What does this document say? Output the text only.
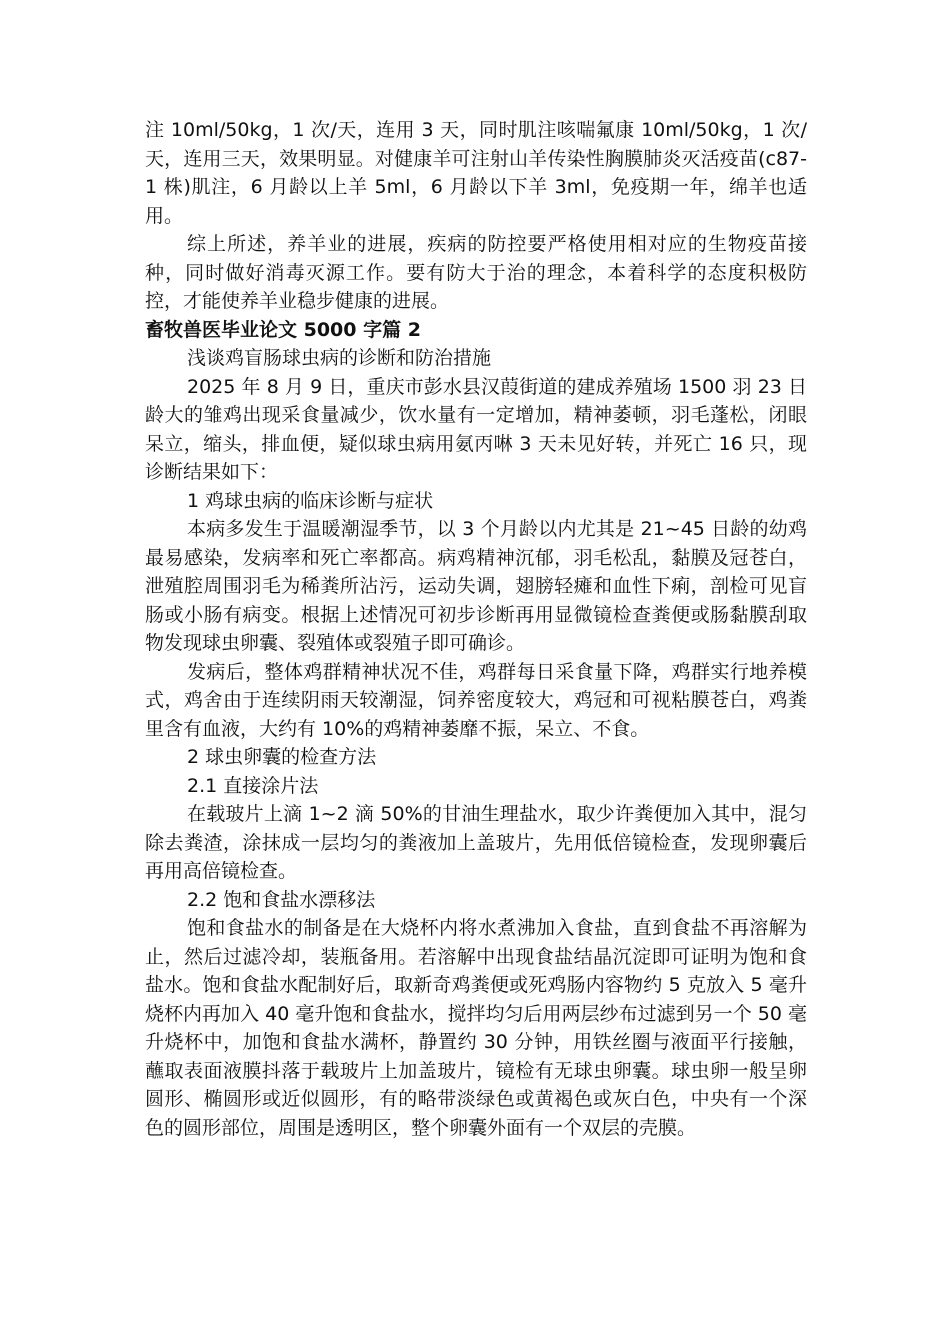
注 10ml/50kg，1 次/天，连用 3 天，同时肌注咳喘氟康 10ml/50kg，1 次/天，连用三天，效果明显。对健康羊可注射山羊传染性胸膜肺炎灭活疫苗(c87-1 株)肌注，6 月龄以上羊 5ml，6 月龄以下羊 3ml，免疫期一年，绵羊也适用。

综上所述，养羊业的进展，疾病的防控要严格使用相对应的生物疫苗接种，同时做好消毒灭源工作。要有防大于治的理念，本着科学的态度积极防控，才能使养羊业稳步健康的进展。

畜牧兽医毕业论文 5000 字篇 2

浅谈鸡盲肠球虫病的诊断和防治措施

2025 年 8 月 9 日，重庆市彭水县汉葭街道的建成养殖场 1500 羽 23 日龄大的雏鸡出现采食量减少，饮水量有一定增加，精神萎顿，羽毛蓬松，闭眼呆立，缩头，排血便，疑似球虫病用氨丙啉 3 天未见好转，并死亡 16 只，现诊断结果如下：

1 鸡球虫病的临床诊断与症状

本病多发生于温暖潮湿季节，以 3 个月龄以内尤其是 21~45 日龄的幼鸡最易感染，发病率和死亡率都高。病鸡精神沉郁，羽毛松乱，黏膜及冠苍白，泄殖腔周围羽毛为稀粪所沾污，运动失调，翅膀轻瘫和血性下痢，剖检可见盲肠或小肠有病变。根据上述情况可初步诊断再用显微镜检查粪便或肠黏膜刮取物发现球虫卵囊、裂殖体或裂殖子即可确诊。

发病后，整体鸡群精神状况不佳，鸡群每日采食量下降，鸡群实行地养模式，鸡舍由于连续阴雨天较潮湿，饲养密度较大，鸡冠和可视粘膜苍白，鸡粪里含有血液，大约有 10%的鸡精神萎靡不振，呆立、不食。

2 球虫卵囊的检查方法

2.1 直接涂片法

在载玻片上滴 1~2 滴 50%的甘油生理盐水，取少许粪便加入其中，混匀除去粪渣，涂抹成一层均匀的粪液加上盖玻片，先用低倍镜检查，发现卵囊后再用高倍镜检查。

2.2 饱和食盐水漂移法

饱和食盐水的制备是在大烧杯内将水煮沸加入食盐，直到食盐不再溶解为止，然后过滤冷却，装瓶备用。若溶解中出现食盐结晶沉淀即可证明为饱和食盐水。饱和食盐水配制好后，取新奇鸡粪便或死鸡肠内容物约 5 克放入 5 毫升烧杯内再加入 40 毫升饱和食盐水，搅拌均匀后用两层纱布过滤到另一个 50 毫升烧杯中，加饱和食盐水满杯，静置约 30 分钟，用铁丝圈与液面平行接触，蘸取表面液膜抖落于载玻片上加盖玻片，镜检有无球虫卵囊。球虫卵一般呈卵圆形、椭圆形或近似圆形，有的略带淡绿色或黄褐色或灰白色，中央有一个深色的圆形部位，周围是透明区，整个卵囊外面有一个双层的壳膜。
